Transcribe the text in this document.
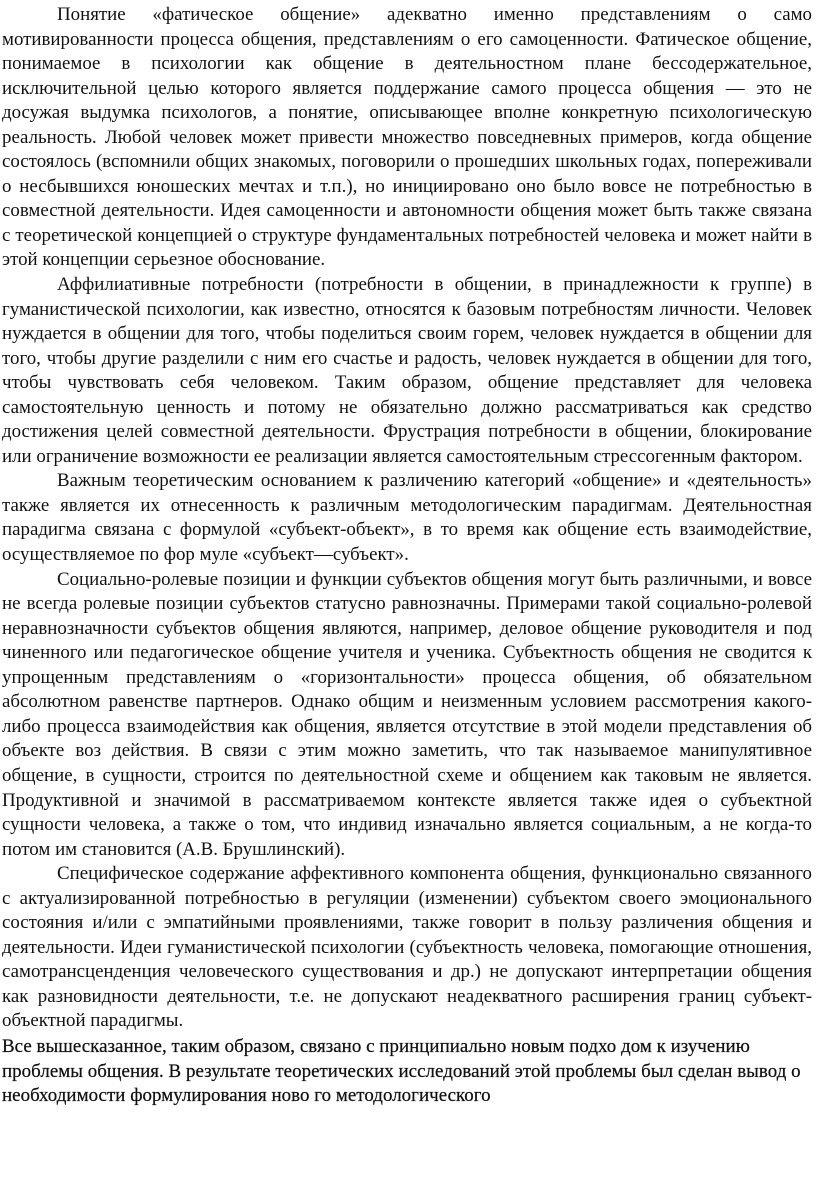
Понятие «фатическое общение» адекватно именно представлениям о само мотивированности процесса общения, представлениям о его самоценности. Фатическое общение, понимаемое в психологии как общение в деятельностном плане бессодержательное, исключительной целью которого является поддержание самого процесса общения — это не досужая выдумка психологов, а понятие, описывающее вполне конкретную психологическую реальность. Любой человек может привести множество повседневных примеров, когда общение состоялось (вспомнили общих знакомых, поговорили о прошедших школьных годах, попереживали о несбывшихся юношеских мечтах и т.п.), но инициировано оно было вовсе не потребностью в совместной деятельности. Идея самоценности и автономности общения может быть также связана с теоретической концепцией о структуре фундаментальных потребностей человека и может найти в этой концепции серьезное обоснование.

Аффилиативные потребности (потребности в общении, в принадлежности к группе) в гуманистической психологии, как известно, относятся к базовым потребностям личности. Человек нуждается в общении для того, чтобы поделиться своим горем, человек нуждается в общении для того, чтобы другие разделили с ним его счастье и радость, человек нуждается в общении для того, чтобы чувствовать себя человеком. Таким образом, общение представляет для человека самостоятельную ценность и потому не обязательно должно рассматриваться как средство достижения целей совместной деятельности. Фрустрация потребности в общении, блокирование или ограничение возможности ее реализации является самостоятельным стрессогенным фактором.

Важным теоретическим основанием к различению категорий «общение» и «деятельность» также является их отнесенность к различным методологическим парадигмам. Деятельностная парадигма связана с формулой «субъект-объект», в то время как общение есть взаимодействие, осуществляемое по фор муле «субъект—субъект».

Социально-ролевые позиции и функции субъектов общения могут быть различными, и вовсе не всегда ролевые позиции субъектов статусно равнозначны. Примерами такой социально-ролевой неравнозначности субъектов общения являются, например, деловое общение руководителя и под чиненного или педагогическое общение учителя и ученика. Субъектность общения не сводится к упрощенным представлениям о «горизонтальности» процесса общения, об обязательном абсолютном равенстве партнеров. Однако общим и неизменным условием рассмотрения какого-либо процесса взаимодействия как общения, является отсутствие в этой модели представления об объекте воз действия. В связи с этим можно заметить, что так называемое манипулятивное общение, в сущности, строится по деятельностной схеме и общением как таковым не является. Продуктивной и значимой в рассматриваемом контексте является также идея о субъектной сущности человека, а также о том, что индивид изначально является социальным, а не когда-то потом им становится (А.В. Брушлинский).

Специфическое содержание аффективного компонента общения, функционально связанного с актуализированной потребностью в регуляции (изменении) субъектом своего эмоционального состояния и/или с эмпатийными проявлениями, также говорит в пользу различения общения и деятельности. Идеи гуманистической психологии (субъектность человека, помогающие отношения, самотрансценденция человеческого существования и др.) не допускают интерпретации общения как разновидности деятельности, т.е. не допускают неадекватного расширения границ субъект-объектной парадигмы.

Все вышесказанное, таким образом, связано с принципиально новым подхо дом к изучению проблемы общения. В результате теоретических исследований этой проблемы был сделан вывод о необходимости формулирования ново го методологического
